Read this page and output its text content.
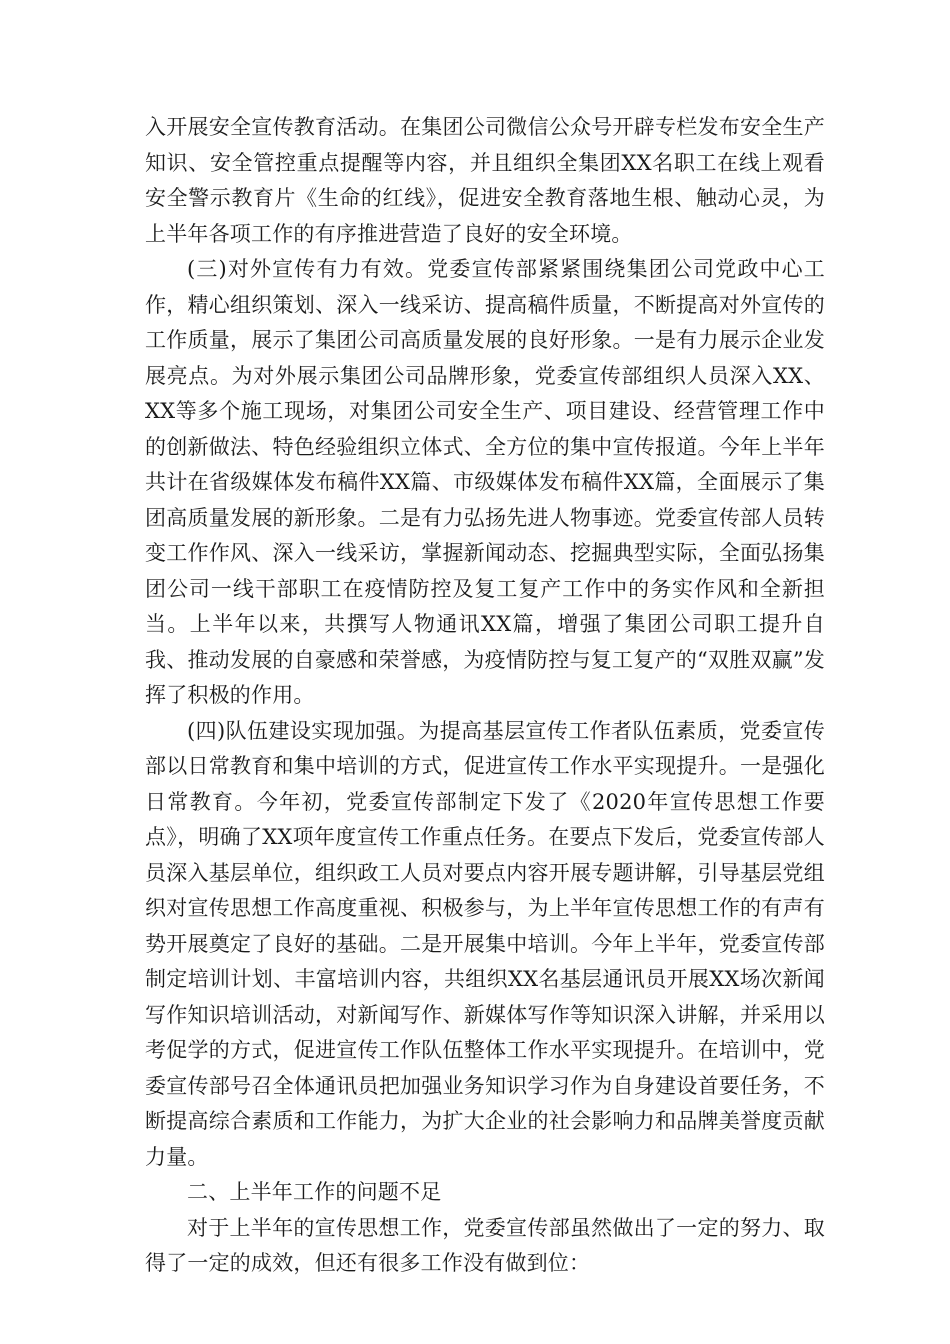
入开展安全宣传教育活动。在集团公司微信公众号开辟专栏发布安全生产知识、安全管控重点提醒等内容，并且组织全集团XX名职工在线上观看安全警示教育片《生命的红线》，促进安全教育落地生根、触动心灵，为上半年各项工作的有序推进营造了良好的安全环境。

(三)对外宣传有力有效。党委宣传部紧紧围绕集团公司党政中心工作，精心组织策划、深入一线采访、提高稿件质量，不断提高对外宣传的工作质量，展示了集团公司高质量发展的良好形象。一是有力展示企业发展亮点。为对外展示集团公司品牌形象，党委宣传部组织人员深入XX、XX等多个施工现场，对集团公司安全生产、项目建设、经营管理工作中的创新做法、特色经验组织立体式、全方位的集中宣传报道。今年上半年共计在省级媒体发布稿件XX篇、市级媒体发布稿件XX篇，全面展示了集团高质量发展的新形象。二是有力弘扬先进人物事迹。党委宣传部人员转变工作作风、深入一线采访，掌握新闻动态、挖掘典型实际，全面弘扬集团公司一线干部职工在疫情防控及复工复产工作中的务实作风和全新担当。上半年以来，共撰写人物通讯XX篇，增强了集团公司职工提升自我、推动发展的自豪感和荣誉感，为疫情防控与复工复产的“双胜双赢”发挥了积极的作用。

(四)队伍建设实现加强。为提高基层宣传工作者队伍素质，党委宣传部以日常教育和集中培训的方式，促进宣传工作水平实现提升。一是强化日常教育。今年初，党委宣传部制定下发了《2020年宣传思想工作要点》，明确了XX项年度宣传工作重点任务。在要点下发后，党委宣传部人员深入基层单位，组织政工人员对要点内容开展专题讲解，引导基层党组织对宣传思想工作高度重视、积极参与，为上半年宣传思想工作的有声有势开展奠定了良好的基础。二是开展集中培训。今年上半年，党委宣传部制定培训计划、丰富培训内容，共组织XX名基层通讯员开展XX场次新闻写作知识培训活动，对新闻写作、新媒体写作等知识深入讲解，并采用以考促学的方式，促进宣传工作队伍整体工作水平实现提升。在培训中，党委宣传部号召全体通讯员把加强业务知识学习作为自身建设首要任务，不断提高综合素质和工作能力，为扩大企业的社会影响力和品牌美誉度贡献力量。

二、上半年工作的问题不足

对于上半年的宣传思想工作，党委宣传部虽然做出了一定的努力、取得了一定的成效，但还有很多工作没有做到位：
